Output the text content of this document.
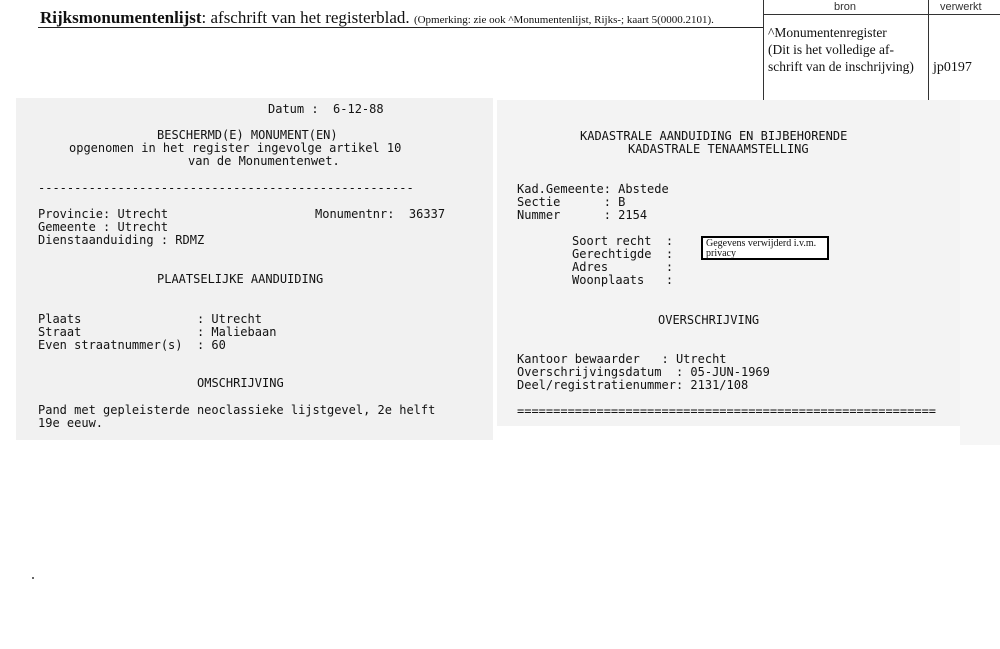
Rijksmonumentenlijst: afschrift van het registerblad. (Opmerking: zie ook ^Monumentenlijst, Rijks-; kaart 5(0000.2101).
bron	verwerkt
^Monumentenregister
(Dit is het volledige af-
schrift van de inschrijving)	jp0197
Datum :  6-12-88
BESCHERMD(E) MONUMENT(EN)
opgenomen in het register ingevolge artikel 10
van de Monumentenwet.
----------------------------------------------------
Provincie: Utrecht	Monumentnr:  36337
Gemeente : Utrecht
Dienstaanduiding : RDMZ
PLAATSELIJKE AANDUIDING
Plaats                : Utrecht
Straat                : Maliebaan
Even straatnummer(s)  : 60
OMSCHRIJVING
Pand met gepleisterde neoclassieke lijstgevel, 2e helft
19e eeuw.
KADASTRALE AANDUIDING EN BIJBEHORENDE
KADASTRALE TENAAMSTELLING
Kad.Gemeente: Abstede
Sectie      : B
Nummer      : 2154
Soort recht  :
Gerechtigde  :
Adres        :
Woonplaats   :
Gegevens verwijderd i.v.m. privacy
OVERSCHRIJVING
Kantoor bewaarder   : Utrecht
Overschrijvingsdatum  : 05-JUN-1969
Deel/registratienummer: 2131/108
==========================================================
